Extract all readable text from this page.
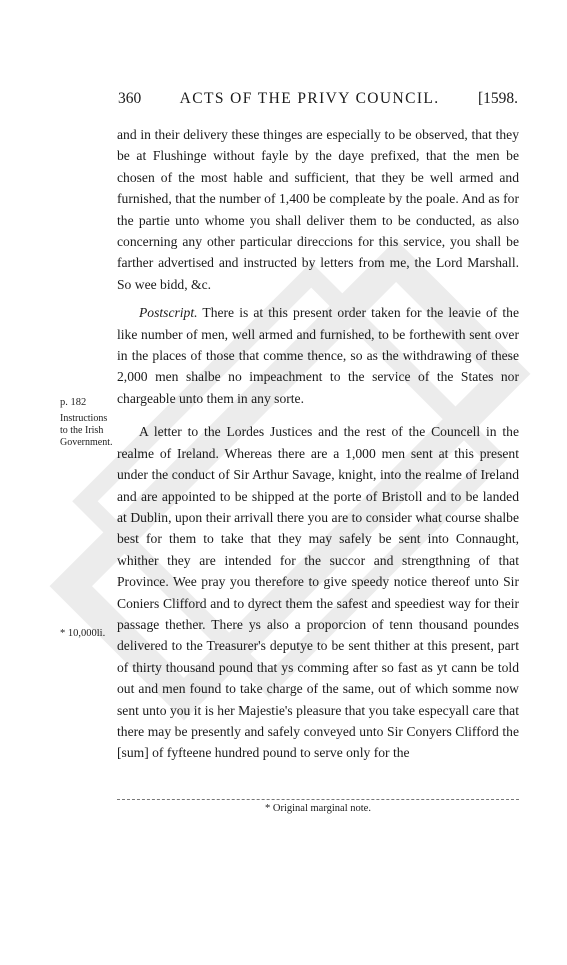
360 ACTS OF THE PRIVY COUNCIL. [1598.

and in their delivery these thinges are especially to be observed, that they be at Flushinge without fayle by the daye prefixed, that the men be chosen of the most hable and sufficient, that they be well armed and furnished, that the number of 1,400 be compleate by the poale. And as for the partie unto whome you shall deliver them to be conducted, as also concerning any other particular direccions for this service, you shall be farther advertised and instructed by letters from me, the Lord Marshall. So wee bidd, &c.

Postscript. There is at this present order taken for the leavie of the like number of men, well armed and furnished, to be forthewith sent over in the places of those that comme thence, so as the withdrawing of these 2,000 men shalbe no impeachment to the service of the States nor chargeable unto them in any sorte.

A letter to the Lordes Justices and the rest of the Councell in the realme of Ireland. Whereas there are a 1,000 men sent at this present under the conduct of Sir Arthur Savage, knight, into the realme of Ireland and are appointed to be shipped at the porte of Bristoll and to be landed at Dublin, upon their arrivall there you are to consider what course shalbe best for them to take that they may safely be sent into Connaught, whither they are intended for the succor and strengthning of that Province. Wee pray you therefore to give speedy notice thereof unto Sir Coniers Clifford and to dyrect them the safest and speediest way for their passage thether. There ys also a proporcion of tenn thousand poundes delivered to the Treasurer's deputye to be sent thither at this present, part of thirty thousand pound that ys comming after so fast as yt cann be told out and men found to take charge of the same, out of which somme now sent unto you it is her Majestie's pleasure that you take especyall care that there may be presently and safely conveyed unto Sir Conyers Clifford the [sum] of fyfteene hundred pound to serve only for the

p. 182
Instructions to the Irish Government.
* 10,000li.
* Original marginal note.
